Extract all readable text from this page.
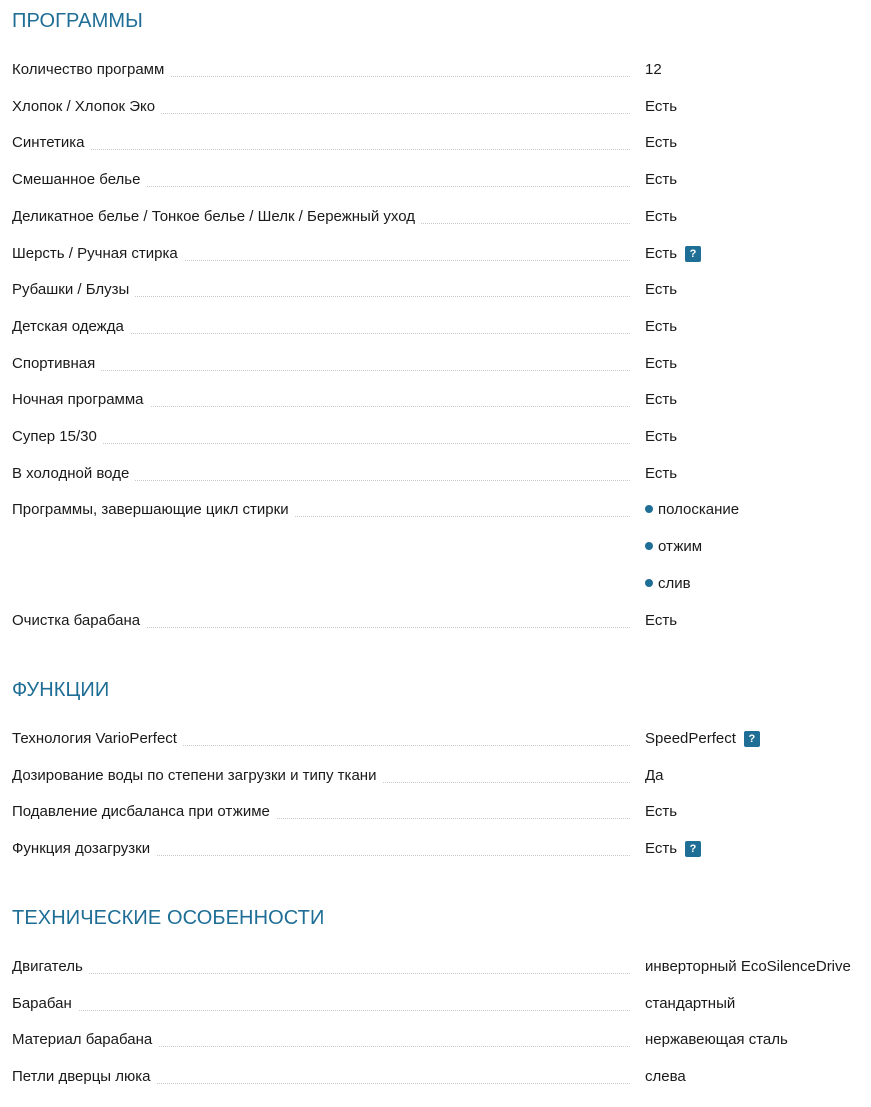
ПРОГРАММЫ
Количество программ	12
Хлопок / Хлопок Эко	Есть
Синтетика	Есть
Смешанное белье	Есть
Деликатное белье / Тонкое белье / Шелк / Бережный уход	Есть
Шерсть / Ручная стирка	Есть ?
Рубашки / Блузы	Есть
Детская одежда	Есть
Спортивная	Есть
Ночная программа	Есть
Супер 15/30	Есть
В холодной воде	Есть
Программы, завершающие цикл стирки	полоскание
отжим
слив
Очистка барабана	Есть
ФУНКЦИИ
Технология VarioPerfect	SpeedPerfect ?
Дозирование воды по степени загрузки и типу ткани	Да
Подавление дисбаланса при отжиме	Есть
Функция дозагрузки	Есть ?
ТЕХНИЧЕСКИЕ ОСОБЕННОСТИ
Двигатель	инверторный EcoSilenceDrive
Барабан	стандартный
Материал барабана	нержавеющая сталь
Петли дверцы люка	слева
